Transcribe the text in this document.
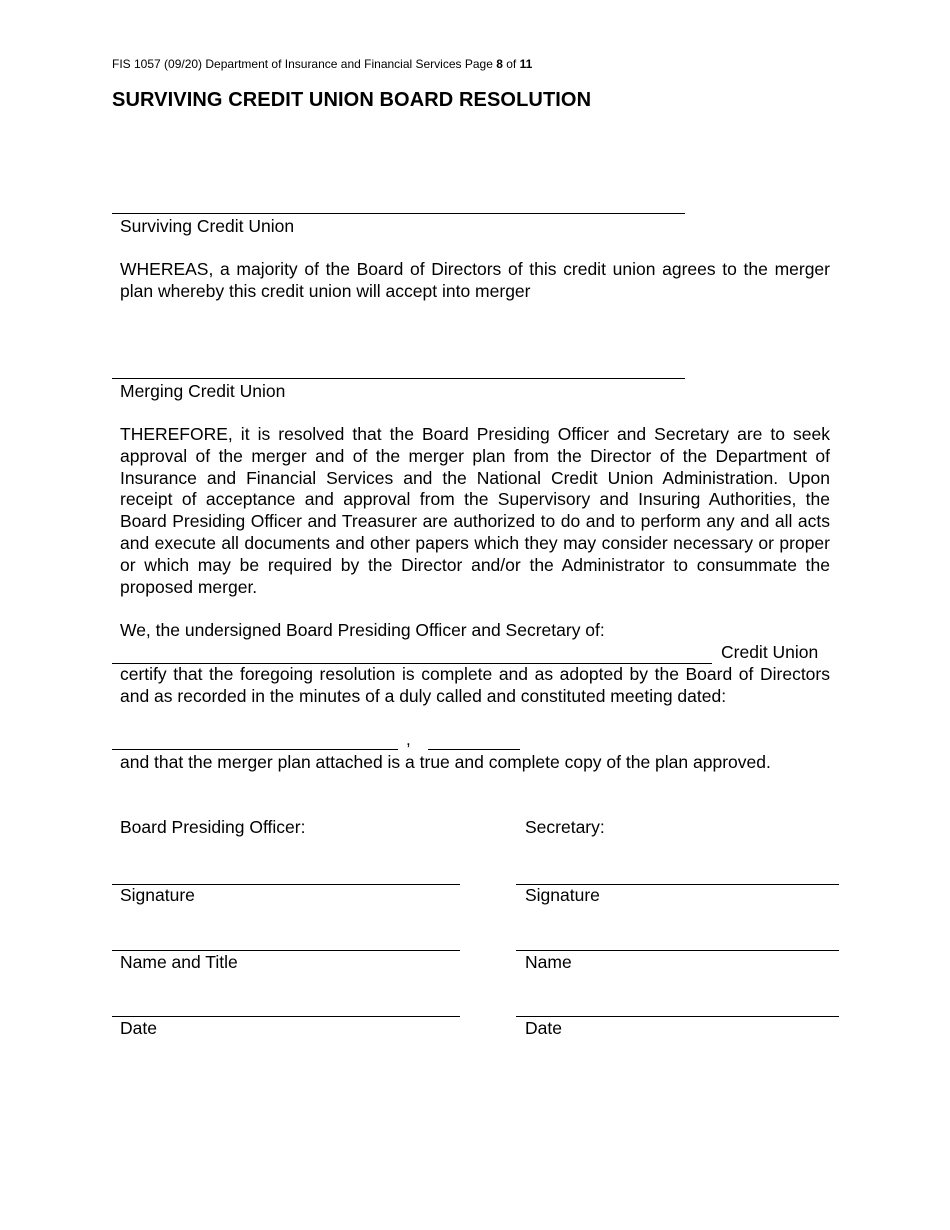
FIS 1057 (09/20) Department of Insurance and Financial Services Page 8 of 11
SURVIVING CREDIT UNION BOARD RESOLUTION
Surviving Credit Union
WHEREAS, a majority of the Board of Directors of this credit union agrees to the merger plan whereby this credit union will accept into merger
Merging Credit Union
THEREFORE, it is resolved that the Board Presiding Officer and Secretary are to seek approval of the merger and of the merger plan from the Director of the Department of Insurance and Financial Services and the National Credit Union Administration. Upon receipt of acceptance and approval from the Supervisory and Insuring Authorities, the Board Presiding Officer and Treasurer are authorized to do and to perform any and all acts and execute all documents and other papers which they may consider necessary or proper or which may be required by the Director and/or the Administrator to consummate the proposed merger.
We, the undersigned Board Presiding Officer and Secretary of:
Credit Union
certify that the foregoing resolution is complete and as adopted by the Board of Directors and as recorded in the minutes of a duly called and constituted meeting dated:
,
and that the merger plan attached is a true and complete copy of the plan approved.
Board Presiding Officer:
Signature
Name and Title
Date
Secretary:
Signature
Name
Date
